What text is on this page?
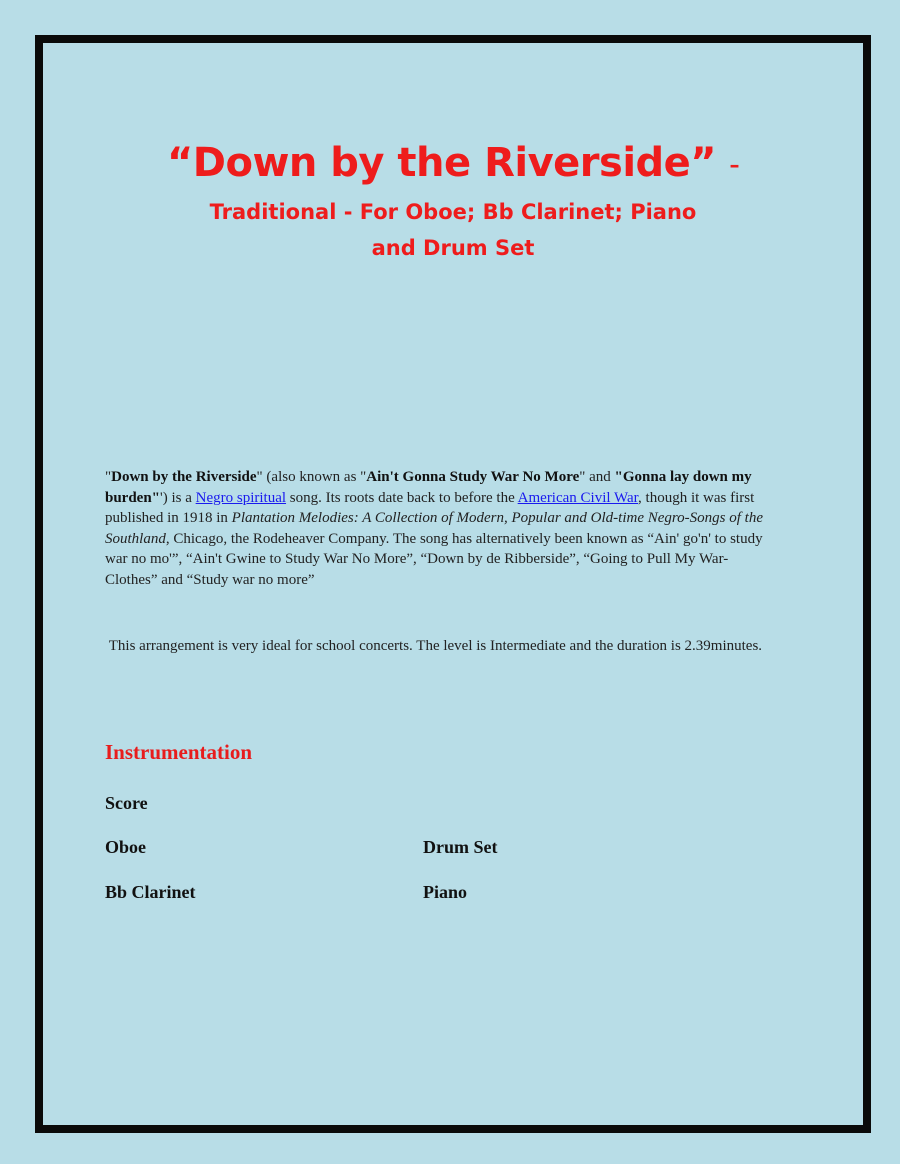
“Down by the Riverside” –
Traditional - For Oboe; Bb Clarinet; Piano
and Drum Set
"Down by the Riverside" (also known as "Ain't Gonna Study War No More" and "Gonna lay down my burden"') is a Negro spiritual song. Its roots date back to before the American Civil War, though it was first published in 1918 in Plantation Melodies: A Collection of Modern, Popular and Old-time Negro-Songs of the Southland, Chicago, the Rodeheaver Company. The song has alternatively been known as “Ain' go'n' to study war no mo'”, “Ain't Gwine to Study War No More”, “Down by de Ribberside”, “Going to Pull My War-Clothes” and “Study war no more”
This arrangement is very ideal for school concerts. The level is Intermediate and the duration is 2.39minutes.
Instrumentation
Score
Oboe
Bb Clarinet
Drum Set
Piano
